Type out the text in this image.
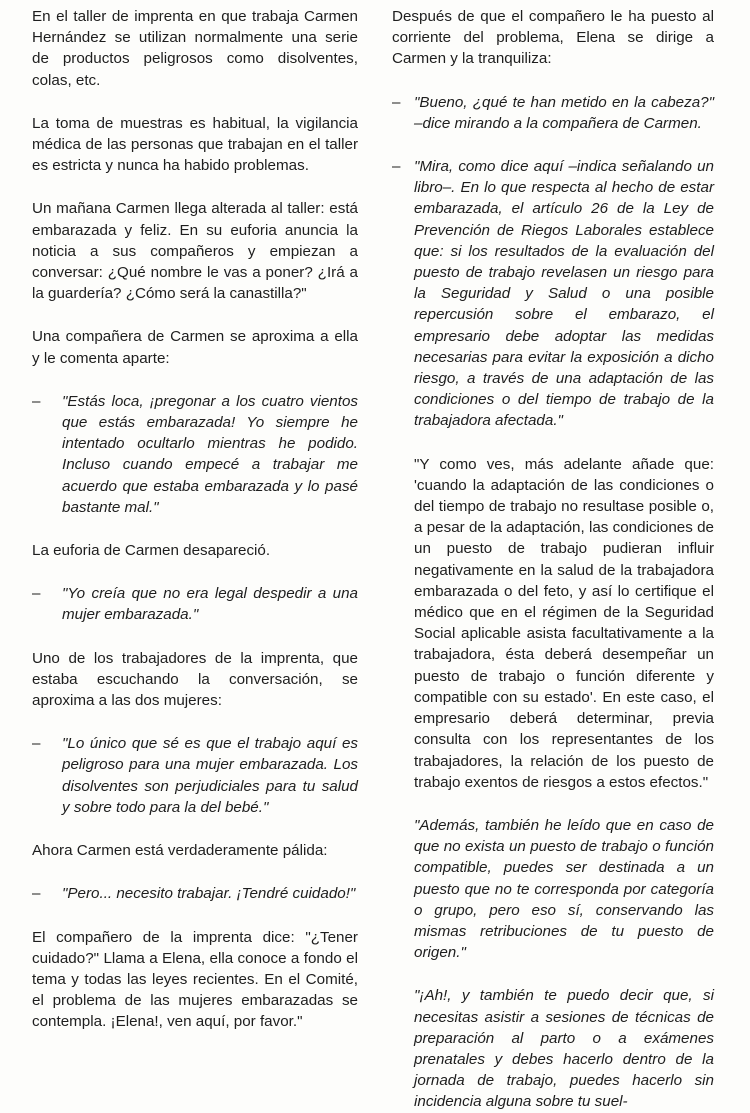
En el taller de imprenta en que trabaja Carmen Hernández se utilizan normalmente una serie de productos peligrosos como disolventes, colas, etc.

La toma de muestras es habitual, la vigilancia médica de las personas que trabajan en el taller es estricta y nunca ha habido problemas.

Un mañana Carmen llega alterada al taller: está embarazada y feliz. En su euforia anuncia la noticia a sus compañeros y empiezan a conversar: ¿Qué nombre le vas a poner? ¿Irá a la guardería? ¿Cómo será la canastilla?"

Una compañera de Carmen se aproxima a ella y le comenta aparte:

–	"Estás loca, ¡pregonar a los cuatro vientos que estás embarazada! Yo siempre he intentado ocultarlo mientras he podido. Incluso cuando empecé a trabajar me acuerdo que estaba embarazada y lo pasé bastante mal."

La euforia de Carmen desapareció.

–	"Yo creía que no era legal despedir a una mujer embarazada."

Uno de los trabajadores de la imprenta, que estaba escuchando la conversación, se aproxima a las dos mujeres:

–	"Lo único que sé es que el trabajo aquí es peligroso para una mujer embarazada. Los disolventes son perjudiciales para tu salud y sobre todo para la del bebé."

Ahora Carmen está verdaderamente pálida:

–	"Pero... necesito trabajar. ¡Tendré cuidado!"

El compañero de la imprenta dice: "¿Tener cuidado?" Llama a Elena, ella conoce a fondo el tema y todas las leyes recientes. En el Comité, el problema de las mujeres embarazadas se contempla. ¡Elena!, ven aquí, por favor."

Después de que el compañero le ha puesto al corriente del problema, Elena se dirige a Carmen y la tranquiliza:

– "Bueno, ¿qué te han metido en la cabeza?" –dice mirando a la compañera de Carmen.
– "Mira, como dice aquí –indica señalando un libro–. En lo que respecta al hecho de estar embarazada, el artículo 26 de la Ley de Prevención de Riegos Laborales establece que: si los resultados de la evaluación del puesto de trabajo revelasen un riesgo para la Seguridad y Salud o una posible repercusión sobre el embarazo, el empresario debe adoptar las medidas necesarias para evitar la exposición a dicho riesgo, a través de una adaptación de las condiciones o del tiempo de trabajo de la trabajadora afectada."

"Y como ves, más adelante añade que: 'cuando la adaptación de las condiciones o del tiempo de trabajo no resultase posible o, a pesar de la adaptación, las condiciones de un puesto de trabajo pudieran influir negativamente en la salud de la trabajadora embarazada o del feto, y así lo certifique el médico que en el régimen de la Seguridad Social aplicable asista facultativamente a la trabajadora, ésta deberá desempeñar un puesto de trabajo o función diferente y compatible con su estado'. En este caso, el empresario deberá determinar, previa consulta con los representantes de los trabajadores, la relación de los puesto de trabajo exentos de riesgos a estos efectos."

"Además, también he leído que en caso de que no exista un puesto de trabajo o función compatible, puedes ser destinada a un puesto que no te corresponda por categoría o grupo, pero eso sí, conservando las mismas retribuciones de tu puesto de origen."

"¡Ah!, y también te puedo decir que, si necesitas asistir a sesiones de técnicas de preparación al parto o a exámenes prenatales y debes hacerlo dentro de la jornada de trabajo, puedes hacerlo sin incidencia alguna sobre tu suel-
